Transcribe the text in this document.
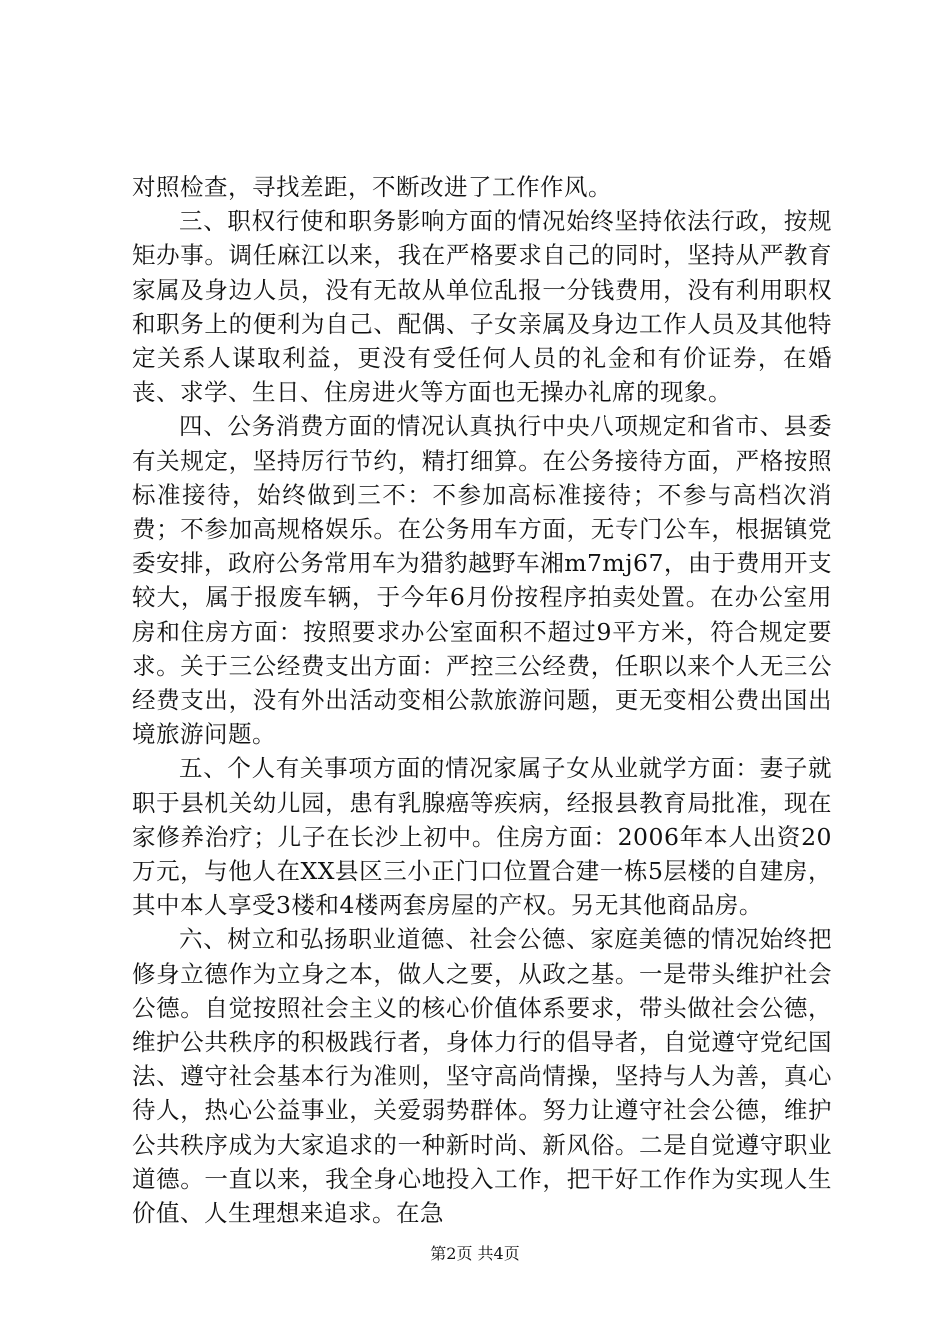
对照检查，寻找差距，不断改进了工作作风。

三、职权行使和职务影响方面的情况始终坚持依法行政，按规矩办事。调任麻江以来，我在严格要求自己的同时，坚持从严教育家属及身边人员，没有无故从单位乱报一分钱费用，没有利用职权和职务上的便利为自己、配偶、子女亲属及身边工作人员及其他特定关系人谋取利益，更没有受任何人员的礼金和有价证券，在婚丧、求学、生日、住房进火等方面也无操办礼席的现象。

四、公务消费方面的情况认真执行中央八项规定和省市、县委有关规定，坚持厉行节约，精打细算。在公务接待方面，严格按照标准接待，始终做到三不：不参加高标准接待；不参与高档次消费；不参加高规格娱乐。在公务用车方面，无专门公车，根据镇党委安排，政府公务常用车为猎豹越野车湘m7mj67，由于费用开支较大，属于报废车辆，于今年6月份按程序拍卖处置。在办公室用房和住房方面：按照要求办公室面积不超过9平方米，符合规定要求。关于三公经费支出方面：严控三公经费，任职以来个人无三公经费支出，没有外出活动变相公款旅游问题，更无变相公费出国出境旅游问题。

五、个人有关事项方面的情况家属子女从业就学方面：妻子就职于县机关幼儿园，患有乳腺癌等疾病，经报县教育局批准，现在家修养治疗；儿子在长沙上初中。住房方面：2006年本人出资20万元，与他人在XX县区三小正门口位置合建一栋5层楼的自建房，其中本人享受3楼和4楼两套房屋的产权。另无其他商品房。

六、树立和弘扬职业道德、社会公德、家庭美德的情况始终把修身立德作为立身之本，做人之要，从政之基。一是带头维护社会公德。自觉按照社会主义的核心价值体系要求，带头做社会公德，维护公共秩序的积极践行者，身体力行的倡导者，自觉遵守党纪国法、遵守社会基本行为准则，坚守高尚情操，坚持与人为善，真心待人，热心公益事业，关爱弱势群体。努力让遵守社会公德，维护公共秩序成为大家追求的一种新时尚、新风俗。二是自觉遵守职业道德。一直以来，我全身心地投入工作，把干好工作作为实现人生价值、人生理想来追求。在急

第2页 共4页
